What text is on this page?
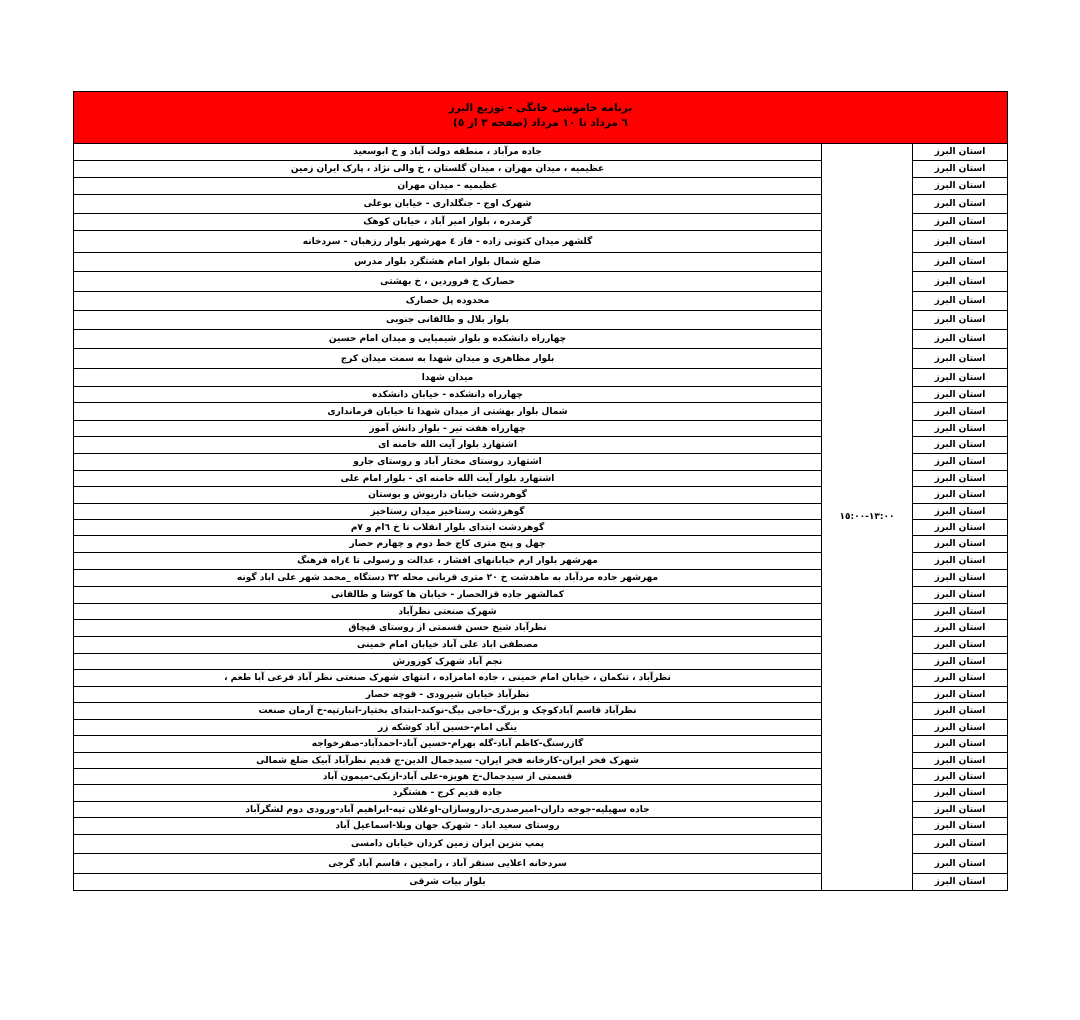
برنامه خاموشی خانگی - توزیع البرز
٦ مرداد تا ١٠ مرداد (صفحه ٣ از ٥)
استان البرز	١٣:٠٠-١٥:٠٠	جاده مرآباد ، منطقه دولت آباد و خ ابوسعید
استان البرز		عظیمیه ، میدان مهران ، میدان گلستان ، خ والی نژاد ، پارک ایران زمین
استان البرز		عظیمیه - میدان مهران
استان البرز		شهرک اوج - جنگلداری - خیابان بوعلی
استان البرز		گرمدره ، بلوار امیر آباد ، خیابان کوهک
استان البرز		گلشهر میدان کتونی زاده - فاز ٤ مهرشهر بلوار رزهبان - سردخانه
استان البرز		ضلع شمال بلوار امام هشتگرد بلوار مدرس
استان البرز		حصارک خ فروردین ، خ بهشتی
استان البرز		محدوده پل حصارک
استان البرز		بلوار بلال و طالقانی جنوبی
استان البرز		چهارراه دانشکده و بلوار شیمیایی و میدان امام حسین
استان البرز		بلوار مظاهری و میدان شهدا به سمت میدان کرج
استان البرز		میدان شهدا
استان البرز		چهارراه دانشکده - خیابان دانشکده
استان البرز		شمال بلوار بهشتی از میدان شهدا تا خیابان فرمانداری
استان البرز		چهارراه هفت تیر - بلوار دانش آموز
استان البرز		اشتهارد بلوار آیت الله خامنه ای
استان البرز		اشتهارد روستای مختار آباد و روستای جارو
استان البرز		اشتهارد بلوار آیت الله خامنه ای - بلوار امام علی
استان البرز		گوهردشت خیابان داریوش و بوستان
استان البرز		گوهردشت رستاخیز میدان رستاخیز
استان البرز		گوهردشت ابتدای بلوار انقلاب تا خ ٦ام و ٧م
استان البرز		چهل و پنج متری کاج خط دوم و چهارم حصار
استان البرز		مهرشهر بلوار ارم خیابانهای افشار ، عدالت و رسولی تا ٤راه فرهنگ
استان البرز		مهرشهر جاده مردآباد به ماهدشت خ ٢٠ متری قربانی محله ٣٢ دستگاه _محمد شهر علی اباد گونه
استان البرز		کمالشهر جاده قزالحصار - خیابان ها کوشا و طالقانی
استان البرز		شهرک صنعتی نظرآباد
استان البرز		نظرآباد شیخ حسن قسمتی از روستای قپچاق
استان البرز		مصطفی اباد علی آباد خیابان امام خمینی
استان البرز		نجم آباد شهرک کورورش
استان البرز		نظرآباد ، تنکمان ، خیابان امام خمینی ، جاده امامزاده ، انتهای شهرک صنعتی نظر آباد فرعی آبا طعم ،
استان البرز		نظرآباد خیابان شیرودی - قوچه حصار
استان البرز		نظرآباد قاسم آبادکوچک و بزرگ-حاجی بیگ-نوکند-ابتدای بختیار-انبارتپه-خ آرمان صنعت
استان البرز		ینگی امام-حسین آباد کوشکه زر
استان البرز		گازرسنگ-کاظم آباد-گله بهرام-حسین آباد-احمدآباد-صفرخواجه
استان البرز		شهرک فخر ایران-کارخانه فخر ایران- سیدجمال الدین-ج قدیم نظرآباد آبیک ضلع شمالی
استان البرز		قسمتی از سیدجمال-خ هویزه-علی آباد-ازبکی-میمون آباد
استان البرز		جاده قدیم کرج - هشتگرد
استان البرز		جاده سهیلیه-جوجه داران-امیرصدری-داروسازان-اوغلان تپه-ابراهیم آباد-ورودی دوم لشگرآباد
استان البرز		روستای سعید اباد - شهرک جهان ویلا-اسماعیل آباد
استان البرز		پمپ بنزین ایران زمین کردان خیابان دامسی
استان البرز		سردخانه اعلایی سنقر آباد ، رامجین ، قاسم آباد گرجی
استان البرز		بلوار بیات شرقی
